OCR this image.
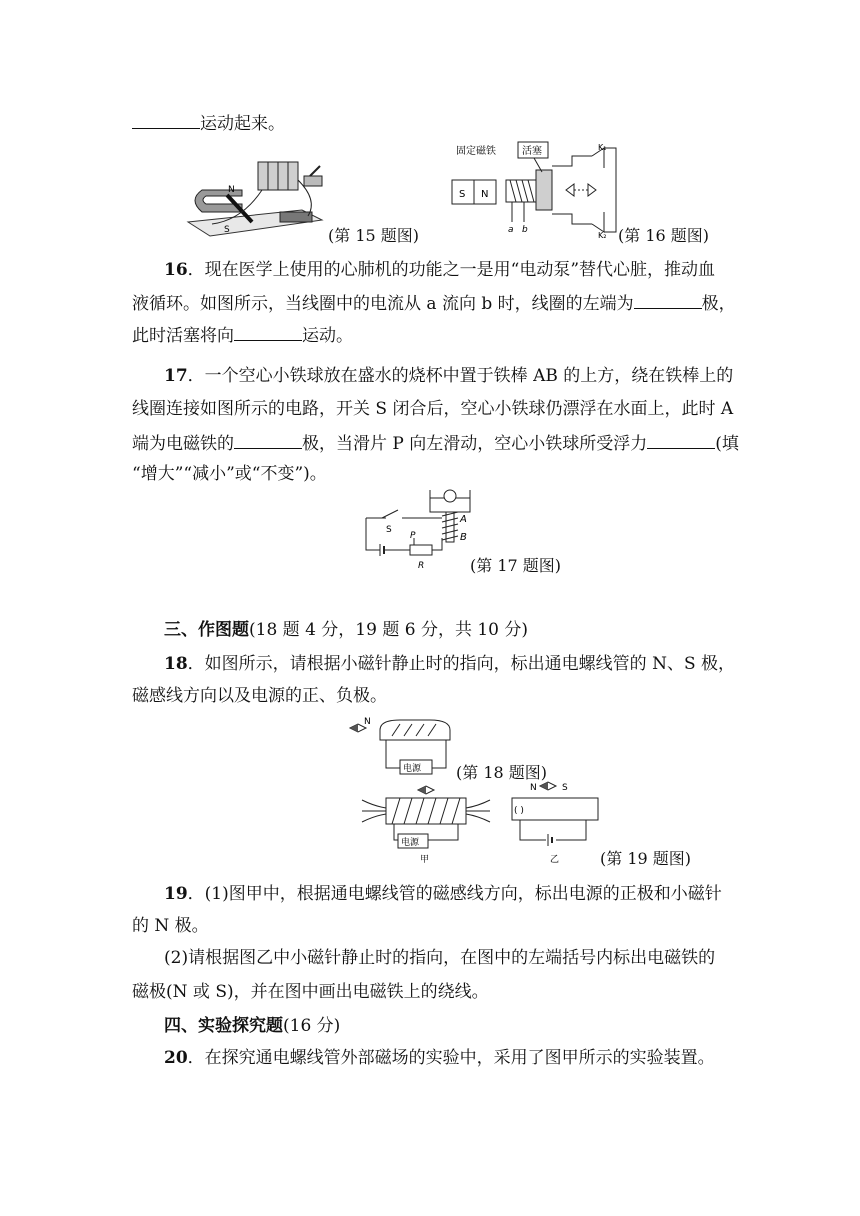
运动起来。
N
S	(第 15 题图)
固定磁铁	活塞
S N
K₁
K₂
a b	(第 16 题图)
16．现在医学上使用的心肺机的功能之一是用“电动泵”替代心脏，推动血
液循环。如图所示，当线圈中的电流从 a 流向 b 时，线圈的左端为	极，
此时活塞将向	运动。
17．一个空心小铁球放在盛水的烧杯中置于铁棒 AB 的上方，绕在铁棒上的
线圈连接如图所示的电路，开关 S 闭合后，空心小铁球仍漂浮在水面上，此时 A
端为电磁铁的	极，当滑片 P 向左滑动，空心小铁球所受浮力	(填
“增大”“减小”或“不变”)。
A
B
S
P
R	(第 17 题图)
三、作图题(18 题 4 分，19 题 6 分，共 10 分)
18．如图所示，请根据小磁针静止时的指向，标出通电螺线管的 N、S 极，
磁感线方向以及电源的正、负极。
N
电源 (第 18 题图)
电源
甲
N	S
( )
乙	(第 19 题图)
19．(1)图甲中，根据通电螺线管的磁感线方向，标出电源的正极和小磁针
的 N 极。
(2)请根据图乙中小磁针静止时的指向，在图中的左端括号内标出电磁铁的
磁极(N 或 S)，并在图中画出电磁铁上的绕线。
四、实验探究题(16 分)
20．在探究通电螺线管外部磁场的实验中，采用了图甲所示的实验装置。
